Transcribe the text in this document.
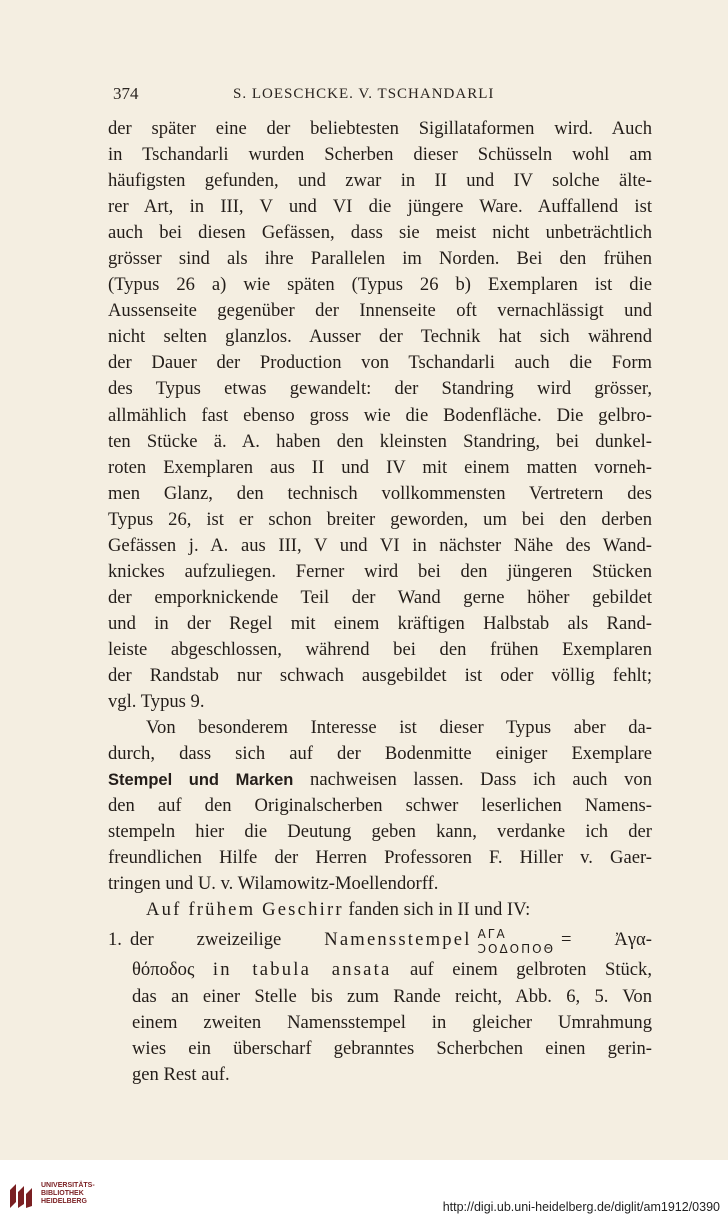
374	S. LOESCHCKE. V. TSCHANDARLI
der später eine der beliebtesten Sigillataformen wird. Auch
in Tschandarli wurden Scherben dieser Schüsseln wohl am
häufigsten gefunden, und zwar in II und IV solche älte-
rer Art, in III, V und VI die jüngere Ware. Auffallend ist
auch bei diesen Gefässen, dass sie meist nicht unbeträchtlich
grösser sind als ihre Parallelen im Norden. Bei den frühen
(Typus 26 a) wie späten (Typus 26 b) Exemplaren ist die
Aussenseite gegenüber der Innenseite oft vernachlässigt und
nicht selten glanzlos. Ausser der Technik hat sich während
der Dauer der Production von Tschandarli auch die Form
des Typus etwas gewandelt: der Standring wird grösser,
allmählich fast ebenso gross wie die Bodenfläche. Die gelbro-
ten Stücke ä. A. haben den kleinsten Standring, bei dunkel-
roten Exemplaren aus II und IV mit einem matten vorneh-
men Glanz, den technisch vollkommensten Vertretern des
Typus 26, ist er schon breiter geworden, um bei den derben
Gefässen j. A. aus III, V und VI in nächster Nähe des Wand-
knickes aufzuliegen. Ferner wird bei den jüngeren Stücken
der emporknickende Teil der Wand gerne höher gebildet
und in der Regel mit einem kräftigen Halbstab als Rand-
leiste abgeschlossen, während bei den frühen Exemplaren
der Randstab nur schwach ausgebildet ist oder völlig fehlt;
vgl. Typus 9.
Von besonderem Interesse ist dieser Typus aber da-
durch, dass sich auf der Bodenmitte einiger Exemplare
Stempel und Marken nachweisen lassen. Dass ich auch von
den auf den Originalscherben schwer leserlichen Namens-
stempeln hier die Deutung geben kann, verdanke ich der
freundlichen Hilfe der Herren Professoren F. Hiller v. Gaer-
tringen und U. v. Wilamowitz-Moellendorff.
Auf frühem Geschirr fanden sich in II und IV:
1. der zweizeilige Namensstempel ΑΓΑ
ƆOΔOΠOΘ = Ἀγα-
θόποδος in tabula ansata auf einem gelbroten Stück,
das an einer Stelle bis zum Rande reicht, Abb. 6, 5. Von
einem zweiten Namensstempel in gleicher Umrahmung
wies ein überscharf gebranntes Scherbchen einen gerin-
gen Rest auf.
UNIVERSITÄTS-
BIBLIOTHEK
HEIDELBERG	http://digi.ub.uni-heidelberg.de/diglit/am1912/0390
